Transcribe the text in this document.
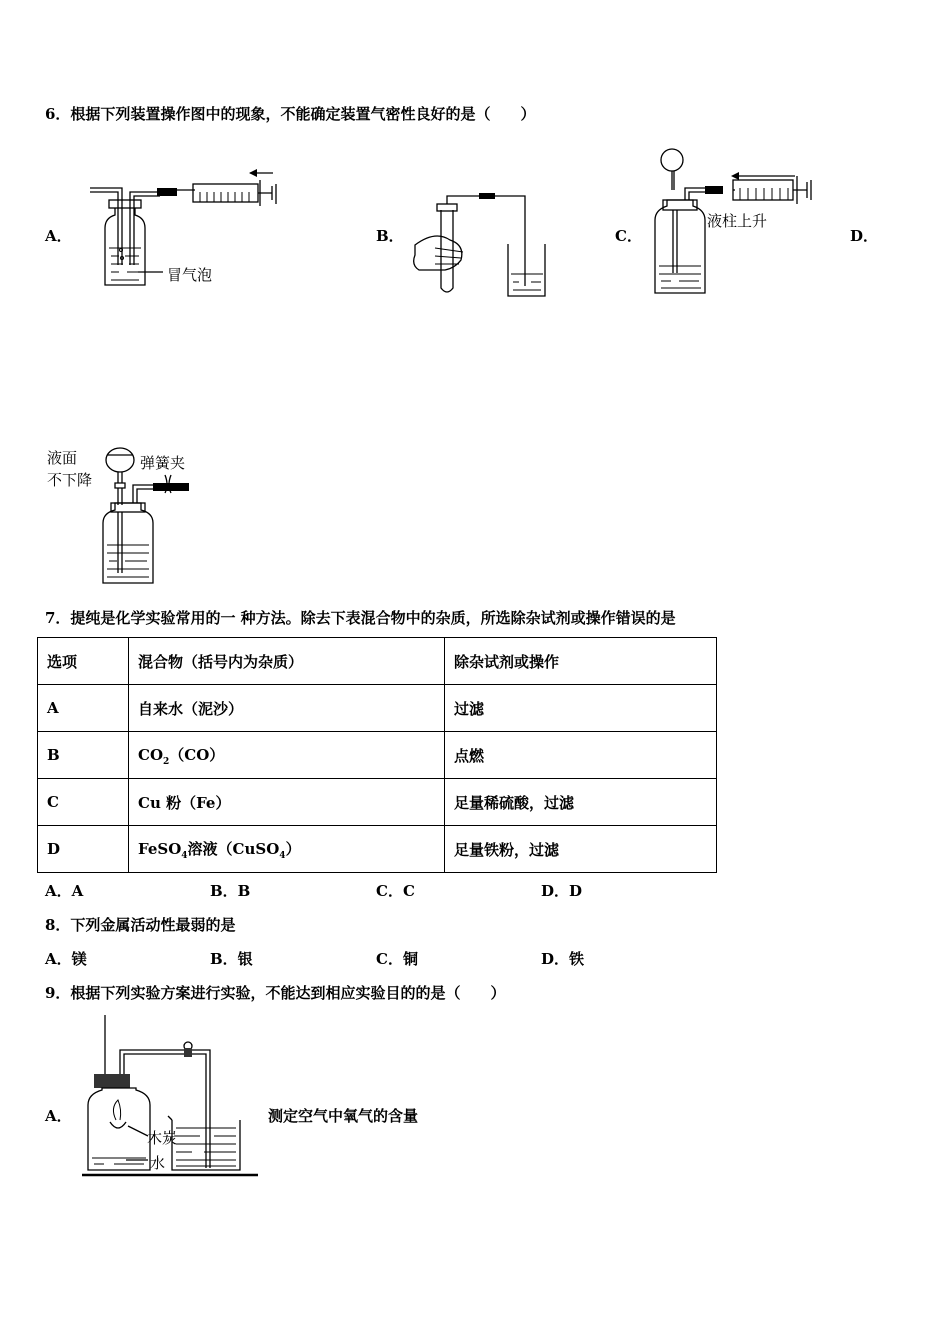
6．根据下列装置操作图中的现象，不能确定装置气密性良好的是（　　）
A．	B．	C．	D．
冒气泡
液柱上升
液面
不下降
弹簧夹
7．提纯是化学实验常用的一 种方法。除去下表混合物中的杂质，所选除杂试剂或操作错误的是
选项	混合物（括号内为杂质）	除杂试剂或操作
A	自来水（泥沙）	过滤
B	$CO_2(CO)$	点燃
C	Cu 粉（Fe）	足量稀硫酸，过滤
D	FeSO$_4$溶液（CuSO$_4$）	足量铁粉，过滤
A．A	B．B	C．C	D．D
8．下列金属活动性最弱的是
A．镁	B．银	C．铜	D．铁
9．根据下列实验方案进行实验，不能达到相应实验目的的是（　　）
A．
木炭
水
测定空气中氧气的含量
